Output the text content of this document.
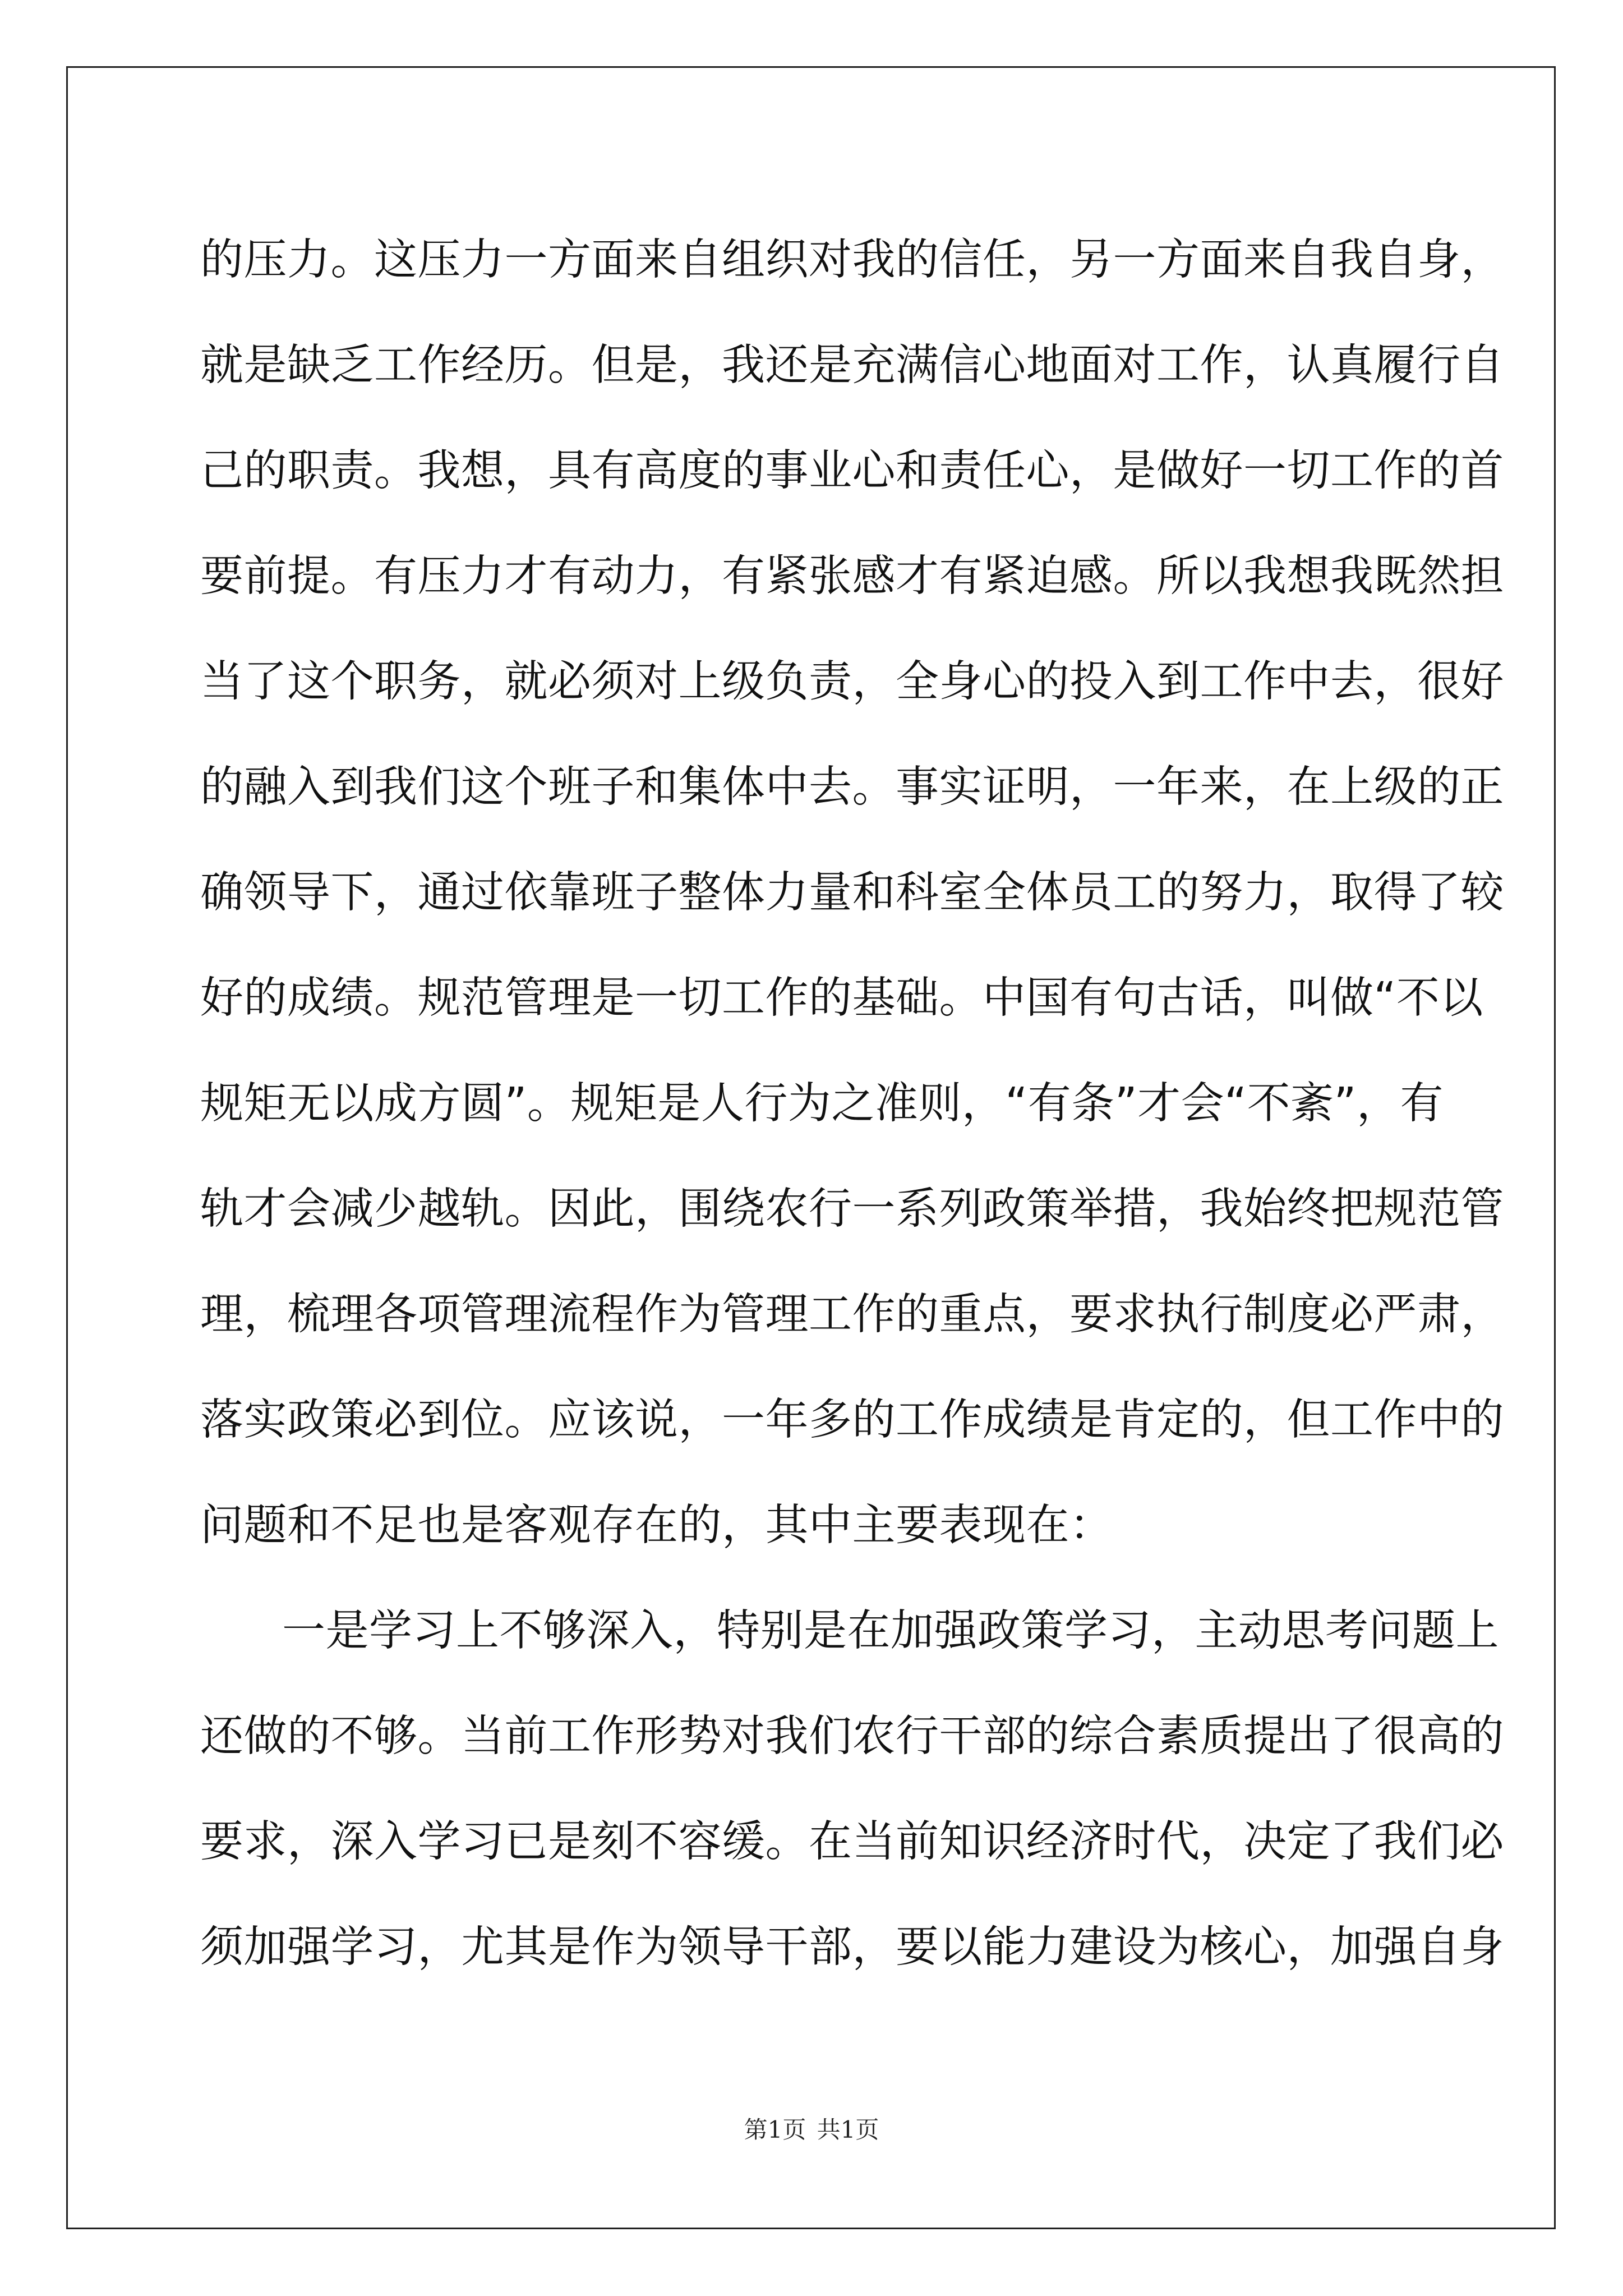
的压力。这压力一方面来自组织对我的信任，另一方面来自我自身，
就是缺乏工作经历。但是，我还是充满信心地面对工作，认真履行自
己的职责。我想，具有高度的事业心和责任心，是做好一切工作的首
要前提。有压力才有动力，有紧张感才有紧迫感。所以我想我既然担
当了这个职务，就必须对上级负责，全身心的投入到工作中去，很好
的融入到我们这个班子和集体中去。事实证明，一年来，在上级的正
确领导下，通过依靠班子整体力量和科室全体员工的努力，取得了较
好的成绩。规范管理是一切工作的基础。中国有句古话，叫做“不以
规矩无以成方圆”。规矩是人行为之准则，“有条”才会“不紊”，有
轨才会减少越轨。因此，围绕农行一系列政策举措，我始终把规范管
理，梳理各项管理流程作为管理工作的重点，要求执行制度必严肃，
落实政策必到位。应该说，一年多的工作成绩是肯定的，但工作中的
问题和不足也是客观存在的，其中主要表现在：
一是学习上不够深入，特别是在加强政策学习，主动思考问题上
还做的不够。当前工作形势对我们农行干部的综合素质提出了很高的
要求，深入学习已是刻不容缓。在当前知识经济时代，决定了我们必
须加强学习，尤其是作为领导干部，要以能力建设为核心，加强自身
第1页 共1页
